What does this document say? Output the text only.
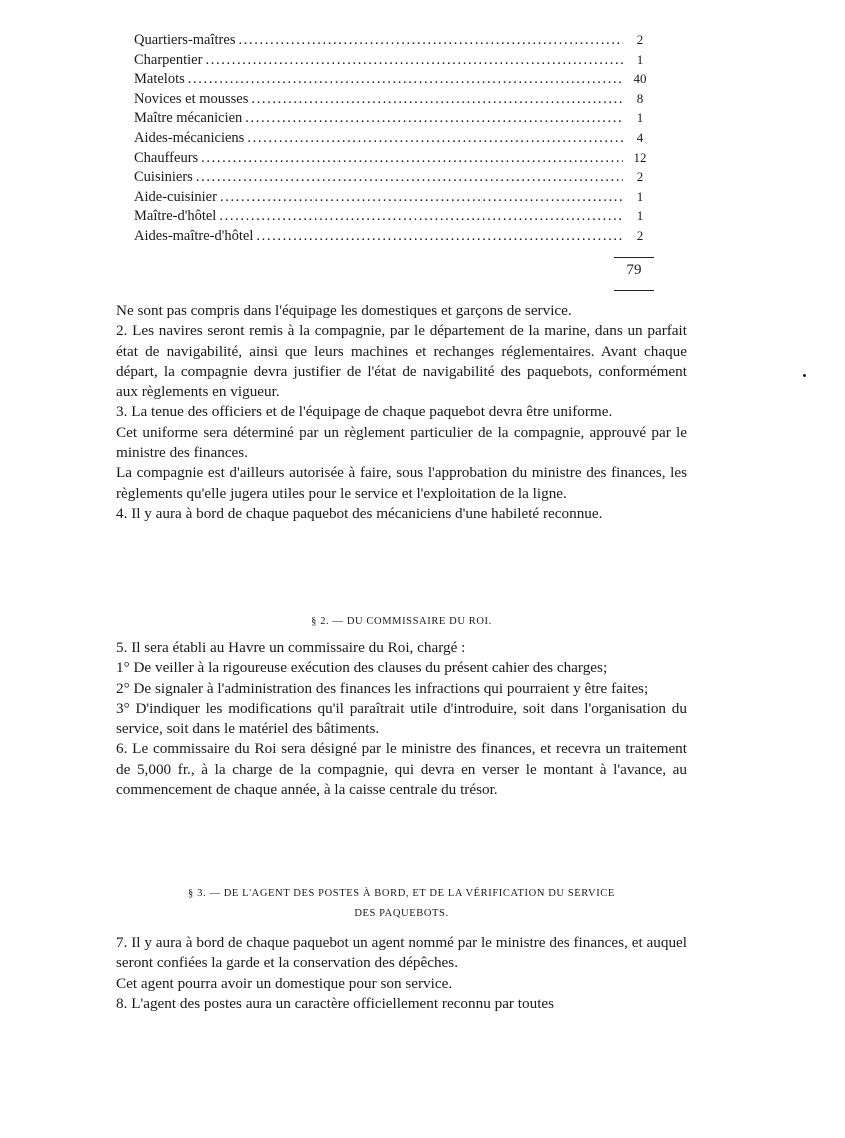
Quartiers-maîtres . . .	2
Charpentier . . .	1
Matelots . . .	40
Novices et mousses . . .	8
Maître mécanicien . . .	1
Aides-mécaniciens . . .	4
Chauffeurs . . .	12
Cuisiniers . . .	2
Aide-cuisinier . . .	1
Maître-d'hôtel . . .	1
Aides-maître-d'hôtel . . .	2
79

Ne sont pas compris dans l'équipage les domestiques et garçons de service.

2. Les navires seront remis à la compagnie, par le département de la marine, dans un parfait état de navigabilité, ainsi que leurs machines et rechanges réglementaires. Avant chaque départ, la compagnie devra justifier de l'état de navigabilité des paquebots, conformément aux règlements en vigueur.

3. La tenue des officiers et de l'équipage de chaque paquebot devra être uniforme.

Cet uniforme sera déterminé par un règlement particulier de la compagnie, approuvé par le ministre des finances.

La compagnie est d'ailleurs autorisée à faire, sous l'approbation du ministre des finances, les règlements qu'elle jugera utiles pour le service et l'exploitation de la ligne.

4. Il y aura à bord de chaque paquebot des mécaniciens d'une habileté reconnue.

§ 2. — DU COMMISSAIRE DU ROI.

5. Il sera établi au Havre un commissaire du Roi, chargé :

1° De veiller à la rigoureuse exécution des clauses du présent cahier des charges;

2° De signaler à l'administration des finances les infractions qui pourraient y être faites;

3° D'indiquer les modifications qu'il paraîtrait utile d'introduire, soit dans l'organisation du service, soit dans le matériel des bâtiments.

6. Le commissaire du Roi sera désigné par le ministre des finances, et recevra un traitement de 5,000 fr., à la charge de la compagnie, qui devra en verser le montant à l'avance, au commencement de chaque année, à la caisse centrale du trésor.

§ 3. — DE L'AGENT DES POSTES À BORD, ET DE LA VÉRIFICATION DU SERVICE

DES PAQUEBOTS.

7. Il y aura à bord de chaque paquebot un agent nommé par le ministre des finances, et auquel seront confiées la garde et la conservation des dépêches.

Cet agent pourra avoir un domestique pour son service.

8. L'agent des postes aura un caractère officiellement reconnu par toutes
